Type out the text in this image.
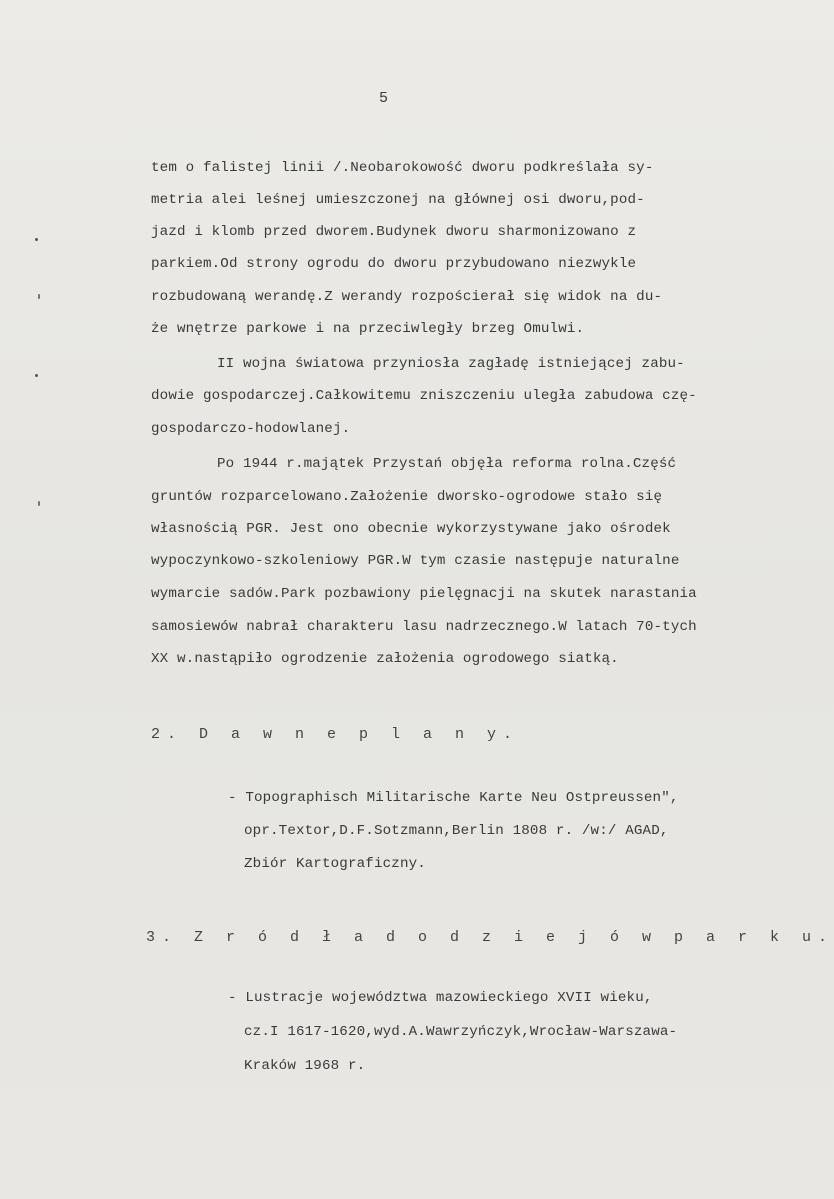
5
tem o falistej linii /.Neobarokowość dworu podkreślała sy-
metria alei leśnej umieszczonej na głównej osi dworu,pod-
jazd i klomb przed dworem.Budynek dworu sharmonizowano z
parkiem.Od strony ogrodu do dworu przybudowano niezwykle
rozbudowaną werandę.Z werandy rozpościerał się widok na du-
że wnętrze parkowe i na przeciwległy brzeg Omulwi.
II wojna światowa przyniosła zagładę istniejącej zabu-
dowie gospodarczej.Całkowitemu zniszczeniu uległa zabudowa czę-
gospodarczo-hodowlanej.
Po 1944 r.majątek Przystań objęła reforma rolna.Część
gruntów rozparcelowano.Założenie dworsko-ogrodowe stało się
własnością PGR. Jest ono obecnie wykorzystywane jako ośrodek
wypoczynkowo-szkoleniowy PGR.W tym czasie następuje naturalne
wymarcie sadów.Park pozbawiony pielęgnacji na skutek narastania
samosiewów nabrał charakteru lasu nadrzecznego.W latach 70-tych
XX w.nastąpiło ogrodzenie założenia ogrodowego siatką.
2. D a w n e p l a n y.
- Topographisch Militarische Karte Neu Ostpreussen",
opr.Textor,D.F.Sotzmann,Berlin 1808 r. /w:/ AGAD,
Zbiór Kartograficzny.
3. Z r ó d ł a d o d z i e j ó w p a r k u.
- Lustracje województwa mazowieckiego XVII wieku,
cz.I 1617-1620,wyd.A.Wawrzyńczyk,Wrocław-Warszawa-
Kraków 1968 r.
